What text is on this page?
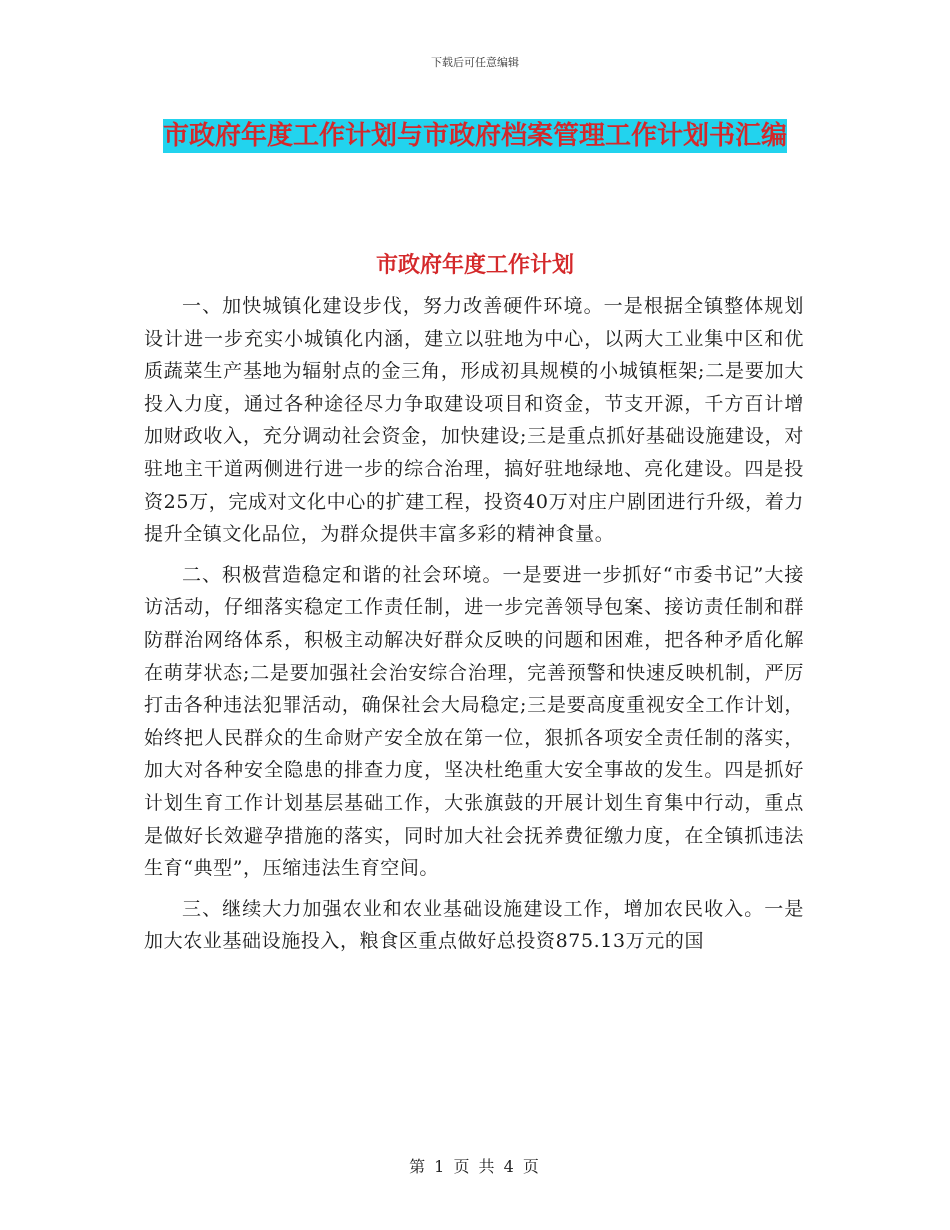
下载后可任意编辑
市政府年度工作计划与市政府档案管理工作计划书汇编
市政府年度工作计划

一、加快城镇化建设步伐，努力改善硬件环境。一是根据全镇整体规划设计进一步充实小城镇化内涵，建立以驻地为中心，以两大工业集中区和优质蔬菜生产基地为辐射点的金三角，形成初具规模的小城镇框架;二是要加大投入力度，通过各种途径尽力争取建设项目和资金，节支开源，千方百计增加财政收入，充分调动社会资金，加快建设;三是重点抓好基础设施建设，对驻地主干道两侧进行进一步的综合治理，搞好驻地绿地、亮化建设。四是投资25万，完成对文化中心的扩建工程，投资40万对庄户剧团进行升级，着力提升全镇文化品位，为群众提供丰富多彩的精神食量。

二、积极营造稳定和谐的社会环境。一是要进一步抓好“市委书记”大接访活动，仔细落实稳定工作责任制，进一步完善领导包案、接访责任制和群防群治网络体系，积极主动解决好群众反映的问题和困难，把各种矛盾化解在萌芽状态;二是要加强社会治安综合治理，完善预警和快速反映机制，严厉打击各种违法犯罪活动，确保社会大局稳定;三是要高度重视安全工作计划，始终把人民群众的生命财产安全放在第一位，狠抓各项安全责任制的落实，加大对各种安全隐患的排查力度，坚决杜绝重大安全事故的发生。四是抓好计划生育工作计划基层基础工作，大张旗鼓的开展计划生育集中行动，重点是做好长效避孕措施的落实，同时加大社会抚养费征缴力度，在全镇抓违法生育“典型”，压缩违法生育空间。

三、继续大力加强农业和农业基础设施建设工作，增加农民收入。一是加大农业基础设施投入，粮食区重点做好总投资875.13万元的国

第 1 页 共 4 页
